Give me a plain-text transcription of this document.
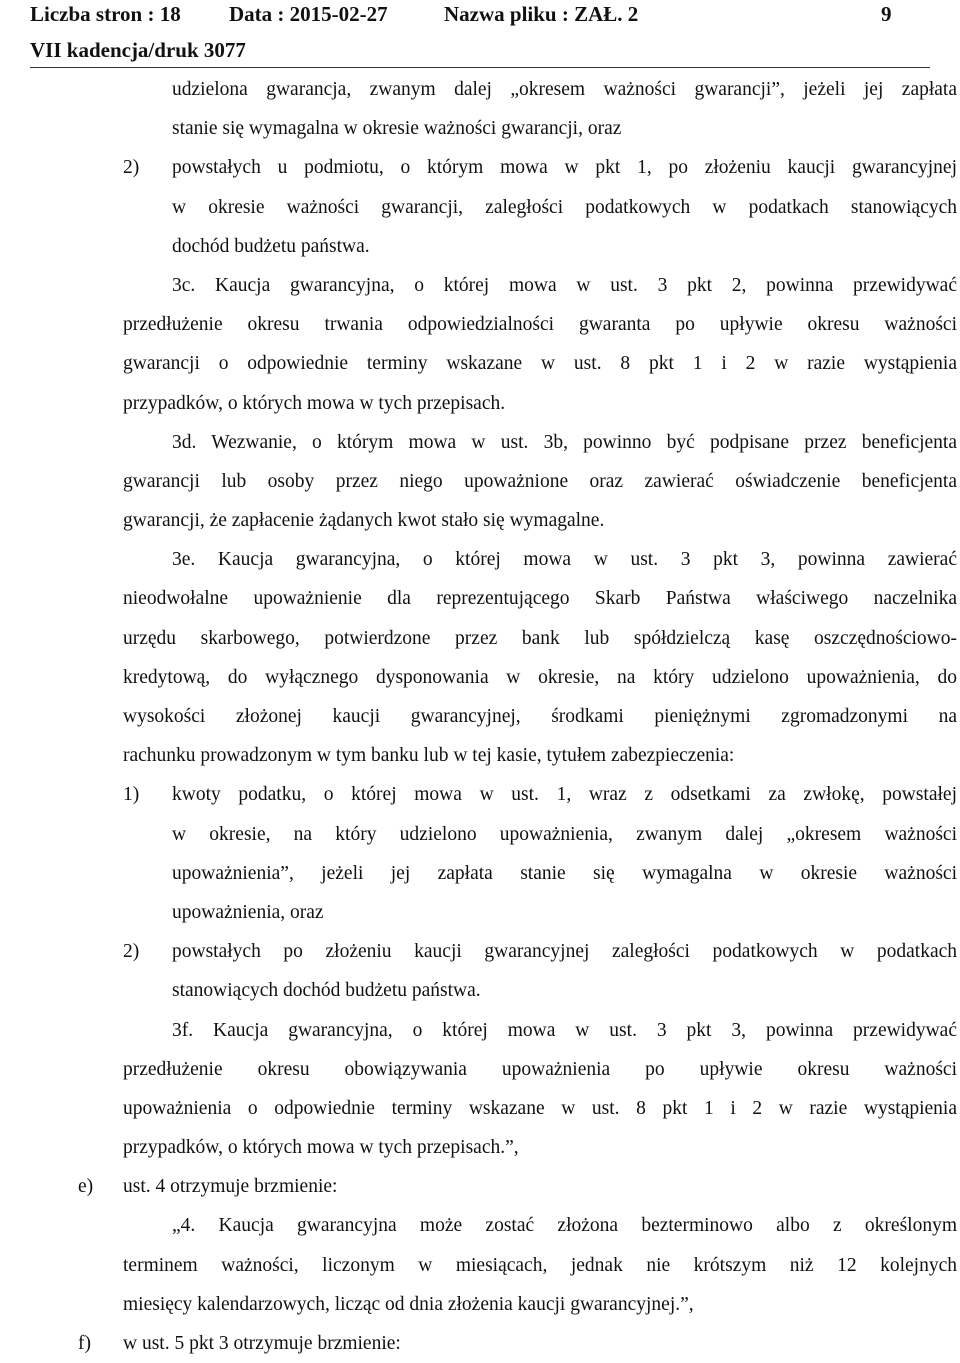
Liczba stron : 18 Data : 2015-02-27	Nazwa pliku : ZAŁ. 2	9
VII kadencja/druk 3077
udzielona gwarancja, zwanym dalej „okresem ważności gwarancji”, jeżeli jej zapłata
stanie się wymagalna w okresie ważności gwarancji, oraz
2) powstałych u podmiotu, o którym mowa w pkt 1, po złożeniu kaucji gwarancyjnej
w okresie ważności gwarancji, zaległości podatkowych w podatkach stanowiących
dochód budżetu państwa.
3c. Kaucja gwarancyjna, o której mowa w ust. 3 pkt 2, powinna przewidywać
przedłużenie okresu trwania odpowiedzialności gwaranta po upływie okresu ważności
gwarancji o odpowiednie terminy wskazane w ust. 8 pkt 1 i 2 w razie wystąpienia
przypadków, o których mowa w tych przepisach.
3d. Wezwanie, o którym mowa w ust. 3b, powinno być podpisane przez beneficjenta
gwarancji lub osoby przez niego upoważnione oraz zawierać oświadczenie beneficjenta
gwarancji, że zapłacenie żądanych kwot stało się wymagalne.
3e. Kaucja gwarancyjna, o której mowa w ust. 3 pkt 3, powinna zawierać
nieodwołalne upoważnienie dla reprezentującego Skarb Państwa właściwego naczelnika
urzędu skarbowego, potwierdzone przez bank lub spółdzielczą kasę oszczędnościowo-
kredytową, do wyłącznego dysponowania w okresie, na który udzielono upoważnienia, do
wysokości złożonej kaucji gwarancyjnej, środkami pieniężnymi zgromadzonymi na
rachunku prowadzonym w tym banku lub w tej kasie, tytułem zabezpieczenia:
1) kwoty podatku, o której mowa w ust. 1, wraz z odsetkami za zwłokę, powstałej
w okresie, na który udzielono upoważnienia, zwanym dalej „okresem ważności
upoważnienia”, jeżeli jej zapłata stanie się wymagalna w okresie ważności
upoważnienia, oraz
2) powstałych po złożeniu kaucji gwarancyjnej zaległości podatkowych w podatkach
stanowiących dochód budżetu państwa.
3f. Kaucja gwarancyjna, o której mowa w ust. 3 pkt 3, powinna przewidywać
przedłużenie okresu obowiązywania upoważnienia po upływie okresu ważności
upoważnienia o odpowiednie terminy wskazane w ust. 8 pkt 1 i 2 w razie wystąpienia
przypadków, o których mowa w tych przepisach.”,
e) ust. 4 otrzymuje brzmienie:
„4. Kaucja gwarancyjna może zostać złożona bezterminowo albo z określonym
terminem ważności, liczonym w miesiącach, jednak nie krótszym niż 12 kolejnych
miesięcy kalendarzowych, licząc od dnia złożenia kaucji gwarancyjnej.”,
f) w ust. 5 pkt 3 otrzymuje brzmienie:
